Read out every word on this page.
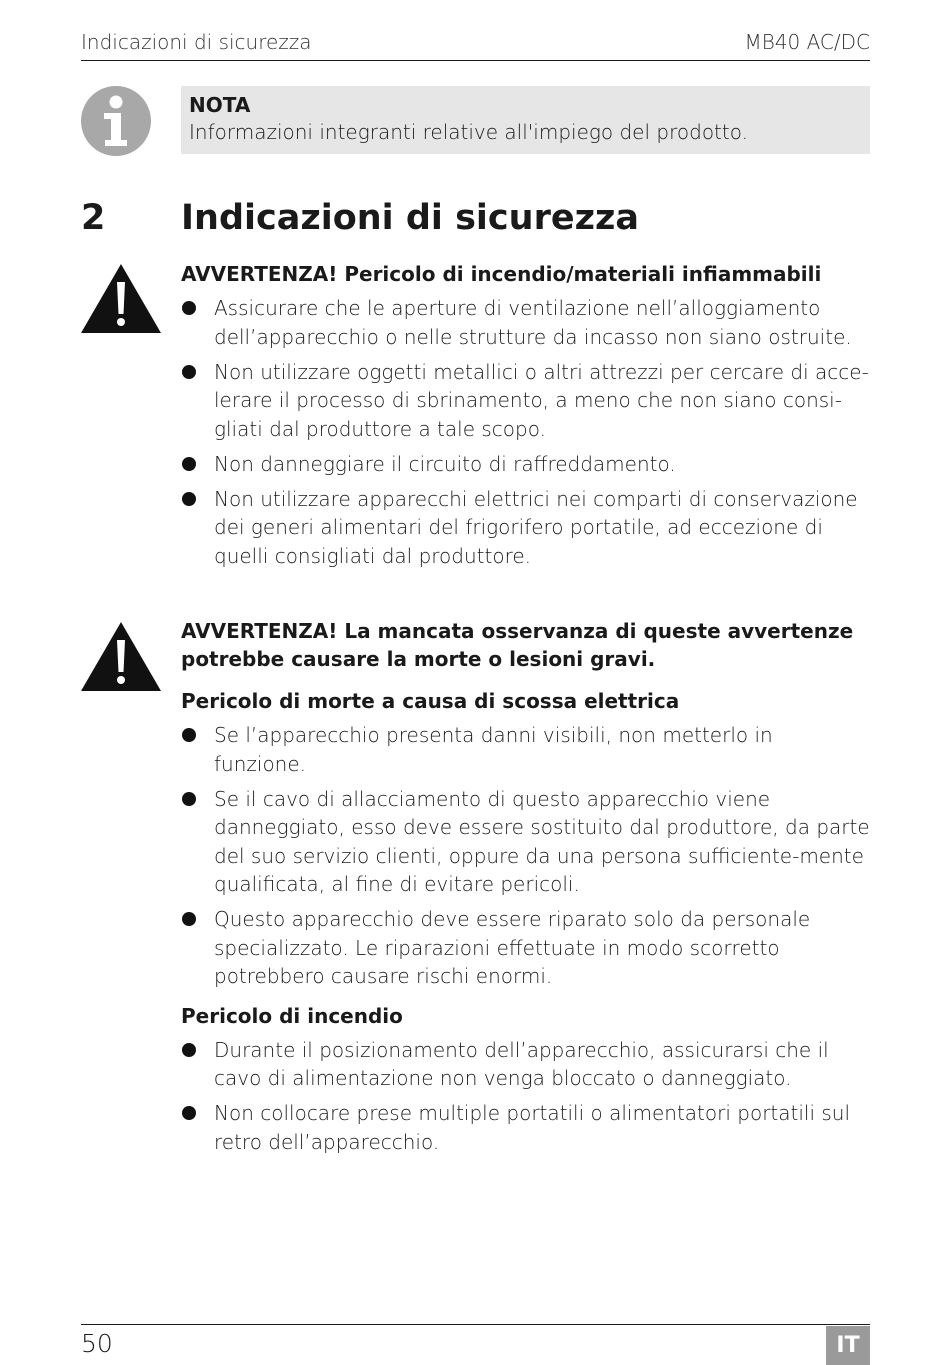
Indicazioni di sicurezza	MB40 AC/DC
NOTA
Informazioni integranti relative all'impiego del prodotto.
2 Indicazioni di sicurezza

AVVERTENZA! Pericolo di incendio/materiali infiammabili

Assicurare che le aperture di ventilazione nell’alloggiamento dell’apparecchio o nelle strutture da incasso non siano ostruite.
Non utilizzare oggetti metallici o altri attrezzi per cercare di acce-lerare il processo di sbrinamento, a meno che non siano consi-gliati dal produttore a tale scopo.
Non danneggiare il circuito di raffreddamento.
Non utilizzare apparecchi elettrici nei comparti di conservazione dei generi alimentari del frigorifero portatile, ad eccezione di quelli consigliati dal produttore.

AVVERTENZA! La mancata osservanza di queste avvertenze potrebbe causare la morte o lesioni gravi.

Pericolo di morte a causa di scossa elettrica

Se l’apparecchio presenta danni visibili, non metterlo in funzione.
Se il cavo di allacciamento di questo apparecchio viene danneggiato, esso deve essere sostituito dal produttore, da parte del suo servizio clienti, oppure da una persona sufficiente-mente qualificata, al fine di evitare pericoli.
Questo apparecchio deve essere riparato solo da personale specializzato. Le riparazioni effettuate in modo scorretto potrebbero causare rischi enormi.

Pericolo di incendio

Durante il posizionamento dell’apparecchio, assicurarsi che il cavo di alimentazione non venga bloccato o danneggiato.
Non collocare prese multiple portatili o alimentatori portatili sul retro dell’apparecchio.
50	IT
